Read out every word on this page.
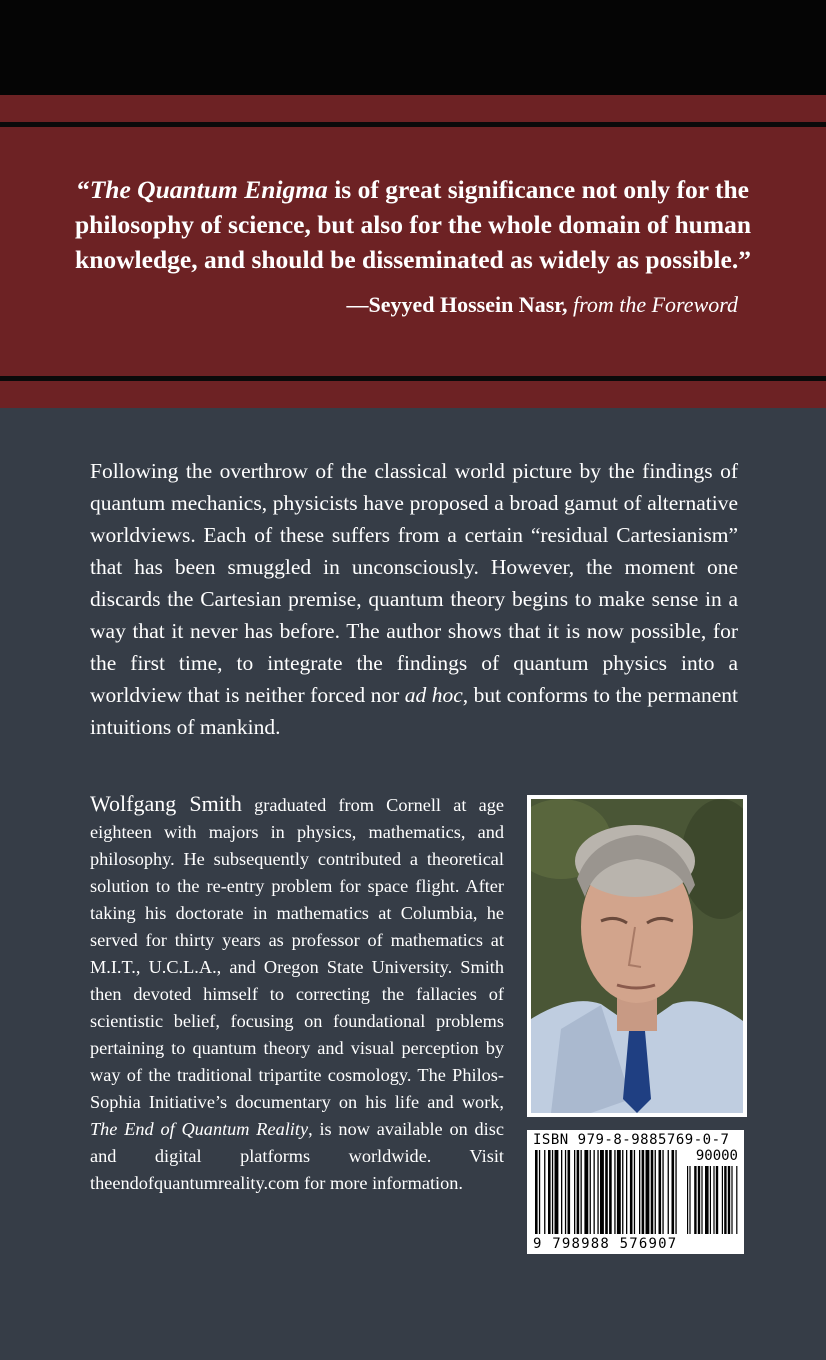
“The Quantum Enigma is of great significance not only for the philosophy of science, but also for the whole domain of human knowledge, and should be disseminated as widely as possible.”
—Seyyed Hossein Nasr, from the Foreword
Following the overthrow of the classical world picture by the findings of quantum mechanics, physicists have proposed a broad gamut of alternative worldviews. Each of these suffers from a certain “residual Cartesianism” that has been smuggled in unconsciously. However, the moment one discards the Cartesian premise, quantum theory begins to make sense in a way that it never has before. The author shows that it is now possible, for the first time, to integrate the findings of quantum physics into a worldview that is neither forced nor ad hoc, but conforms to the permanent intuitions of mankind.
Wolfgang Smith graduated from Cornell at age eighteen with majors in physics, mathematics, and philosophy. He subsequently contributed a theoretical solution to the re-entry problem for space flight. After taking his doctorate in mathematics at Columbia, he served for thirty years as professor of mathematics at M.I.T., U.C.L.A., and Oregon State University. Smith then devoted himself to correcting the fallacies of scientistic belief, focusing on foundational problems pertaining to quantum theory and visual perception by way of the traditional tripartite cosmology. The Philos-Sophia Initiative’s documentary on his life and work, The End of Quantum Reality, is now available on disc and digital platforms worldwide. Visit theendofquantumreality.com for more information.
ISBN 979-8-9885769-0-7
90000
9 798988 576907
